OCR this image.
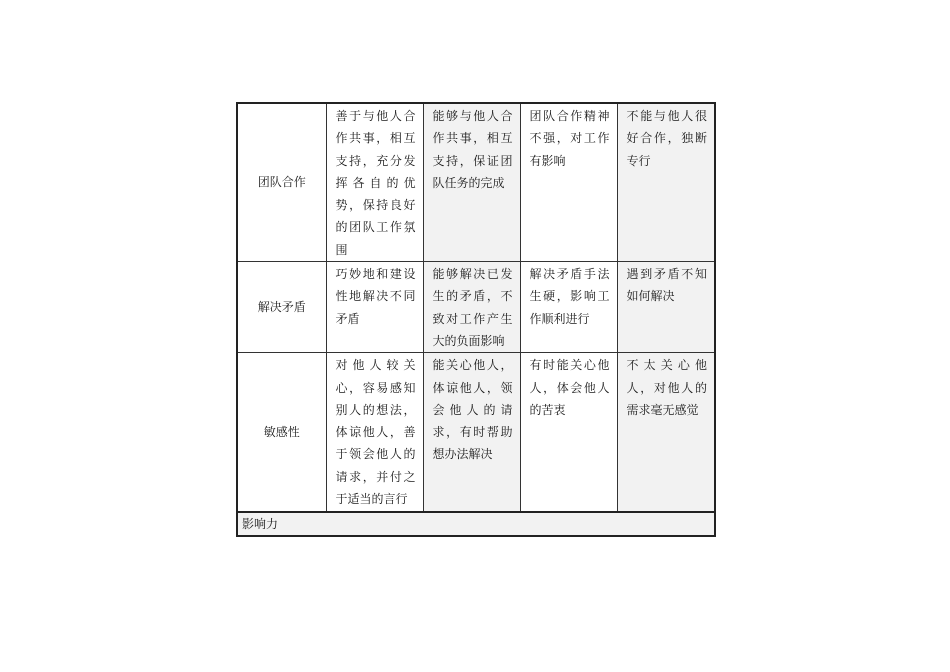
团队合作	善于与他人合作共事，相互支持，充分发挥各自的优势，保持良好的团队工作氛围	能够与他人合作共事，相互支持，保证团队任务的完成	团队合作精神不强，对工作有影响	不能与他人很好合作，独断专行
解决矛盾	巧妙地和建设性地解决不同矛盾	能够解决已发生的矛盾，不致对工作产生大的负面影响	解决矛盾手法生硬，影响工作顺利进行	遇到矛盾不知如何解决
敏感性	对他人较关心，容易感知别人的想法，体谅他人，善于领会他人的请求，并付之于适当的言行	能关心他人，体谅他人，领会他人的请求，有时帮助想办法解决	有时能关心他人，体会他人的苦衷	不太关心他人，对他人的需求毫无感觉
影响力				
